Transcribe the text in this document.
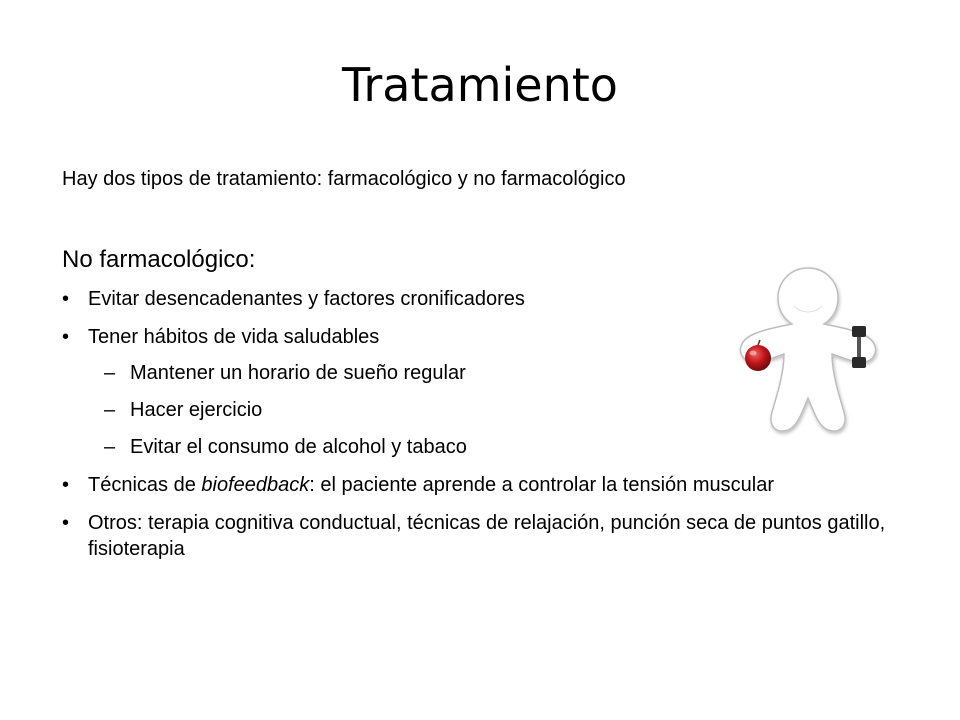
Tratamiento
Hay dos tipos de tratamiento: farmacológico y no farmacológico
No farmacológico:
• Evitar desencadenantes y factores cronificadores
• Tener hábitos de vida saludables
– Mantener un horario de sueño regular
– Hacer ejercicio
– Evitar el consumo de alcohol y tabaco
• Técnicas de biofeedback: el paciente aprende a controlar la tensión muscular
• Otros: terapia cognitiva conductual, técnicas de relajación, punción seca de puntos gatillo, fisioterapia
